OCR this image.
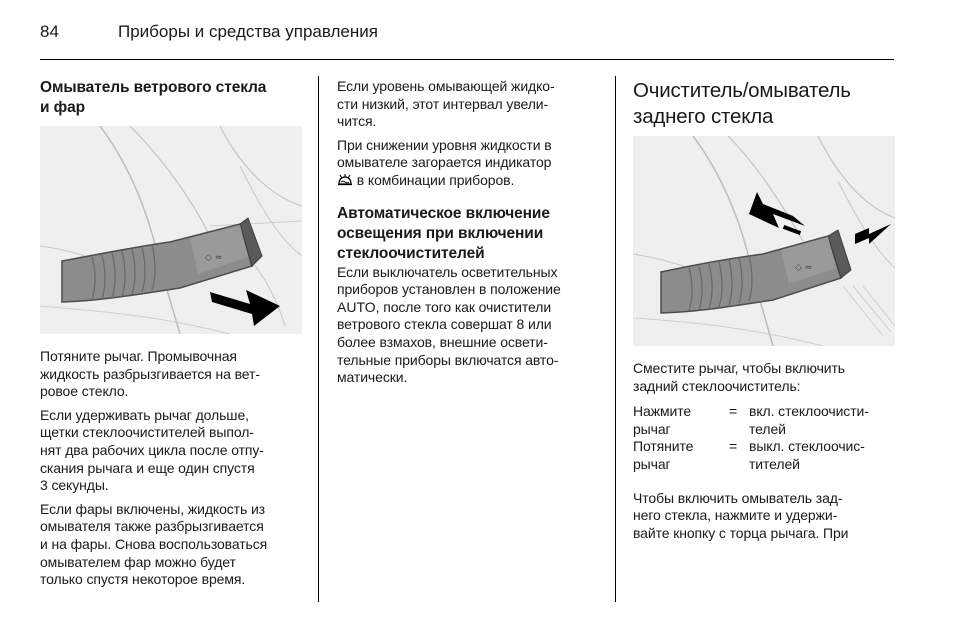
84	Приборы и средства управления
Омыватель ветрового стекла
и фар
◇ ≈

Потяните рычаг. Промывочная
жидкость разбрызгивается на вет-
ровое стекло.

Если удерживать рычаг дольше,
щетки стеклоочистителей выпол-
нят два рабочих цикла после отпу-
скания рычага и еще один спустя
3 секунды.

Если фары включены, жидкость из
омывателя также разбрызгивается
и на фары. Снова воспользоваться
омывателем фар можно будет
только спустя некоторое время.

Если уровень омывающей жидко-
сти низкий, этот интервал увели-
чится.

При снижении уровня жидкости в
омывателе загорается индикатор
в комбинации приборов.

Автоматическое включение
освещения при включении
стеклоочистителей

Если выключатель осветительных
приборов установлен в положение
AUTO, после того как очистители
ветрового стекла совершат 8 или
более взмахов, внешние освети-
тельные приборы включатся авто-
матически.

Очиститель/омыватель
заднего стекла
◇ ≈

Сместите рычаг, чтобы включить
задний стеклоочиститель:

Нажмите
рычаг
= вкл. стеклоочисти-
телей
Потяните
рычаг
= выкл. стеклоочис-
тителей

Чтобы включить омыватель зад-
него стекла, нажмите и удержи-
вайте кнопку с торца рычага. При
